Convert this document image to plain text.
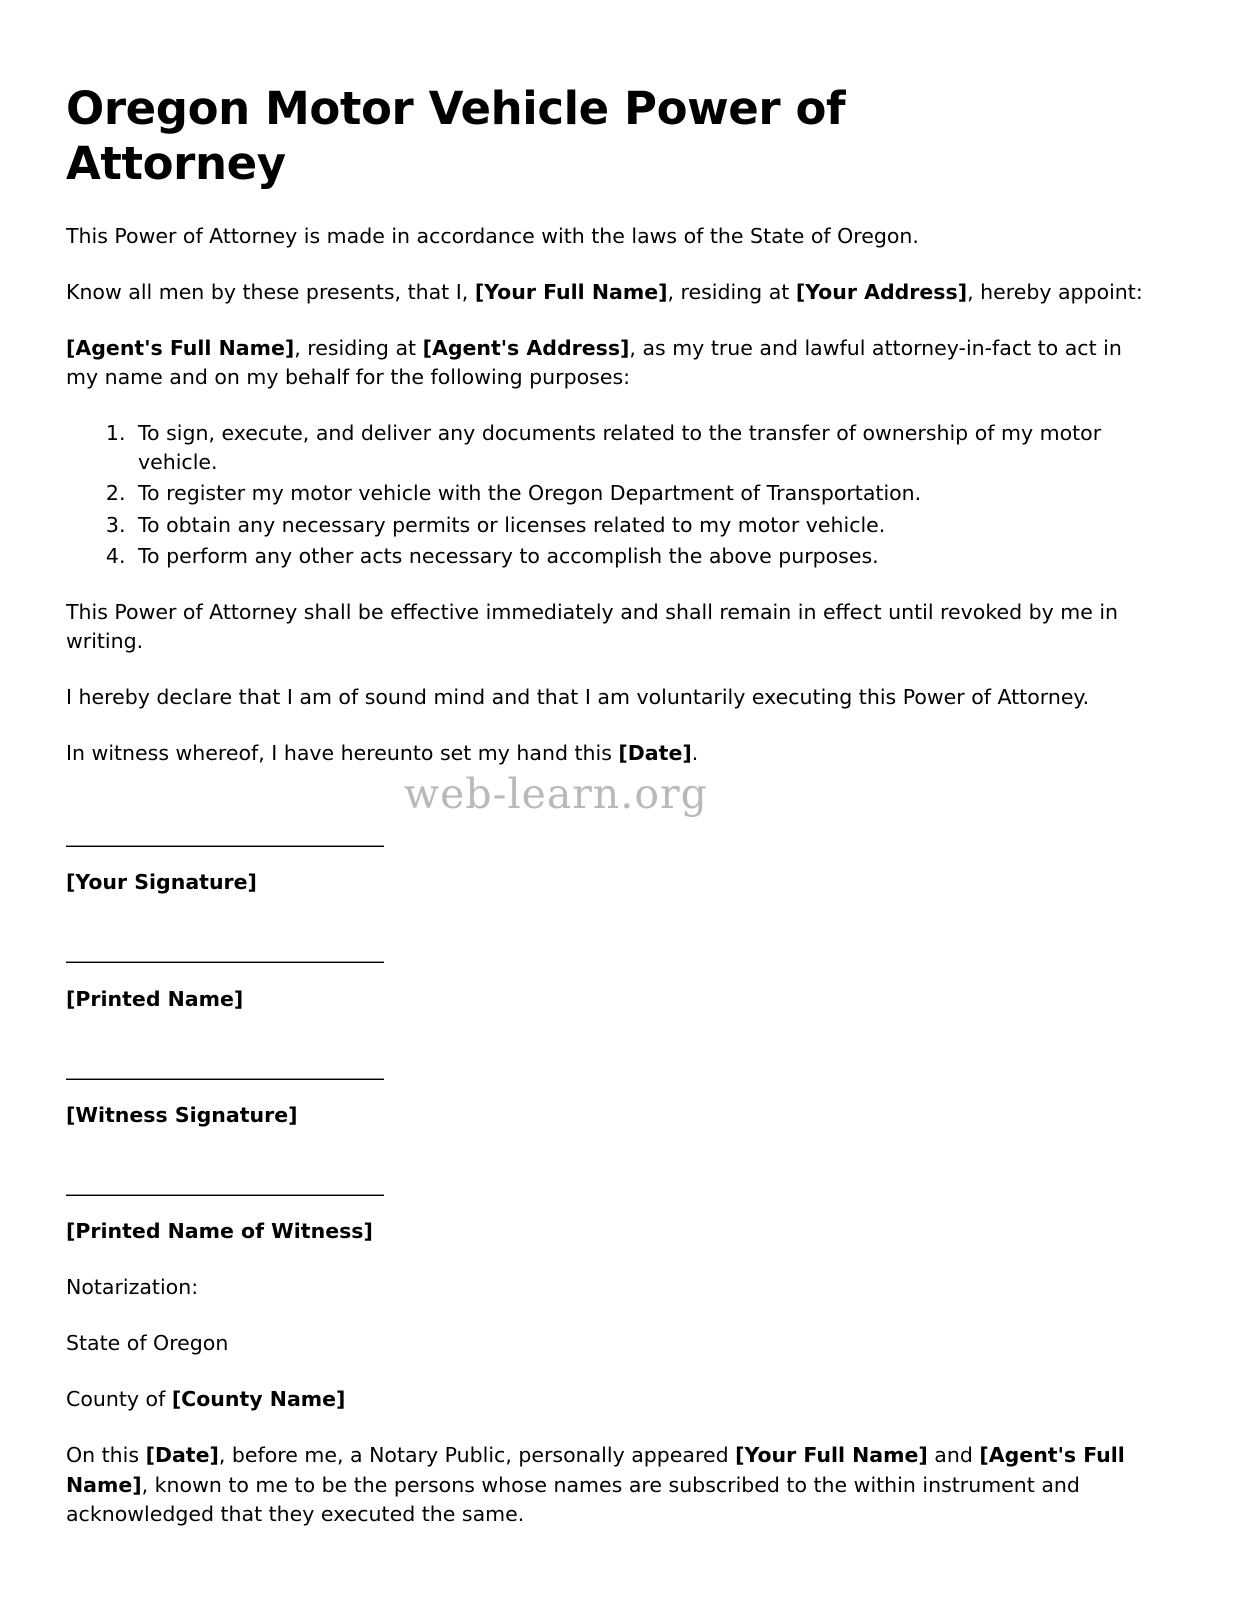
web-learn.org
Oregon Motor Vehicle Power of Attorney

This Power of Attorney is made in accordance with the laws of the State of Oregon.

Know all men by these presents, that I, [Your Full Name], residing at [Your Address], hereby appoint:

[Agent's Full Name], residing at [Agent's Address], as my true and lawful attorney-in-fact to act in my name and on my behalf for the following purposes:

1. To sign, execute, and deliver any documents related to the transfer of ownership of my motor vehicle.
2. To register my motor vehicle with the Oregon Department of Transportation.
3. To obtain any necessary permits or licenses related to my motor vehicle.
4. To perform any other acts necessary to accomplish the above purposes.

This Power of Attorney shall be effective immediately and shall remain in effect until revoked by me in writing.

I hereby declare that I am of sound mind and that I am voluntarily executing this Power of Attorney.

In witness whereof, I have hereunto set my hand this [Date].

_______________________________
[Your Signature]
_______________________________
[Printed Name]
_______________________________
[Witness Signature]
_______________________________
[Printed Name of Witness]

Notarization:

State of Oregon

County of [County Name]

On this [Date], before me, a Notary Public, personally appeared [Your Full Name] and [Agent's Full Name], known to me to be the persons whose names are subscribed to the within instrument and acknowledged that they executed the same.
